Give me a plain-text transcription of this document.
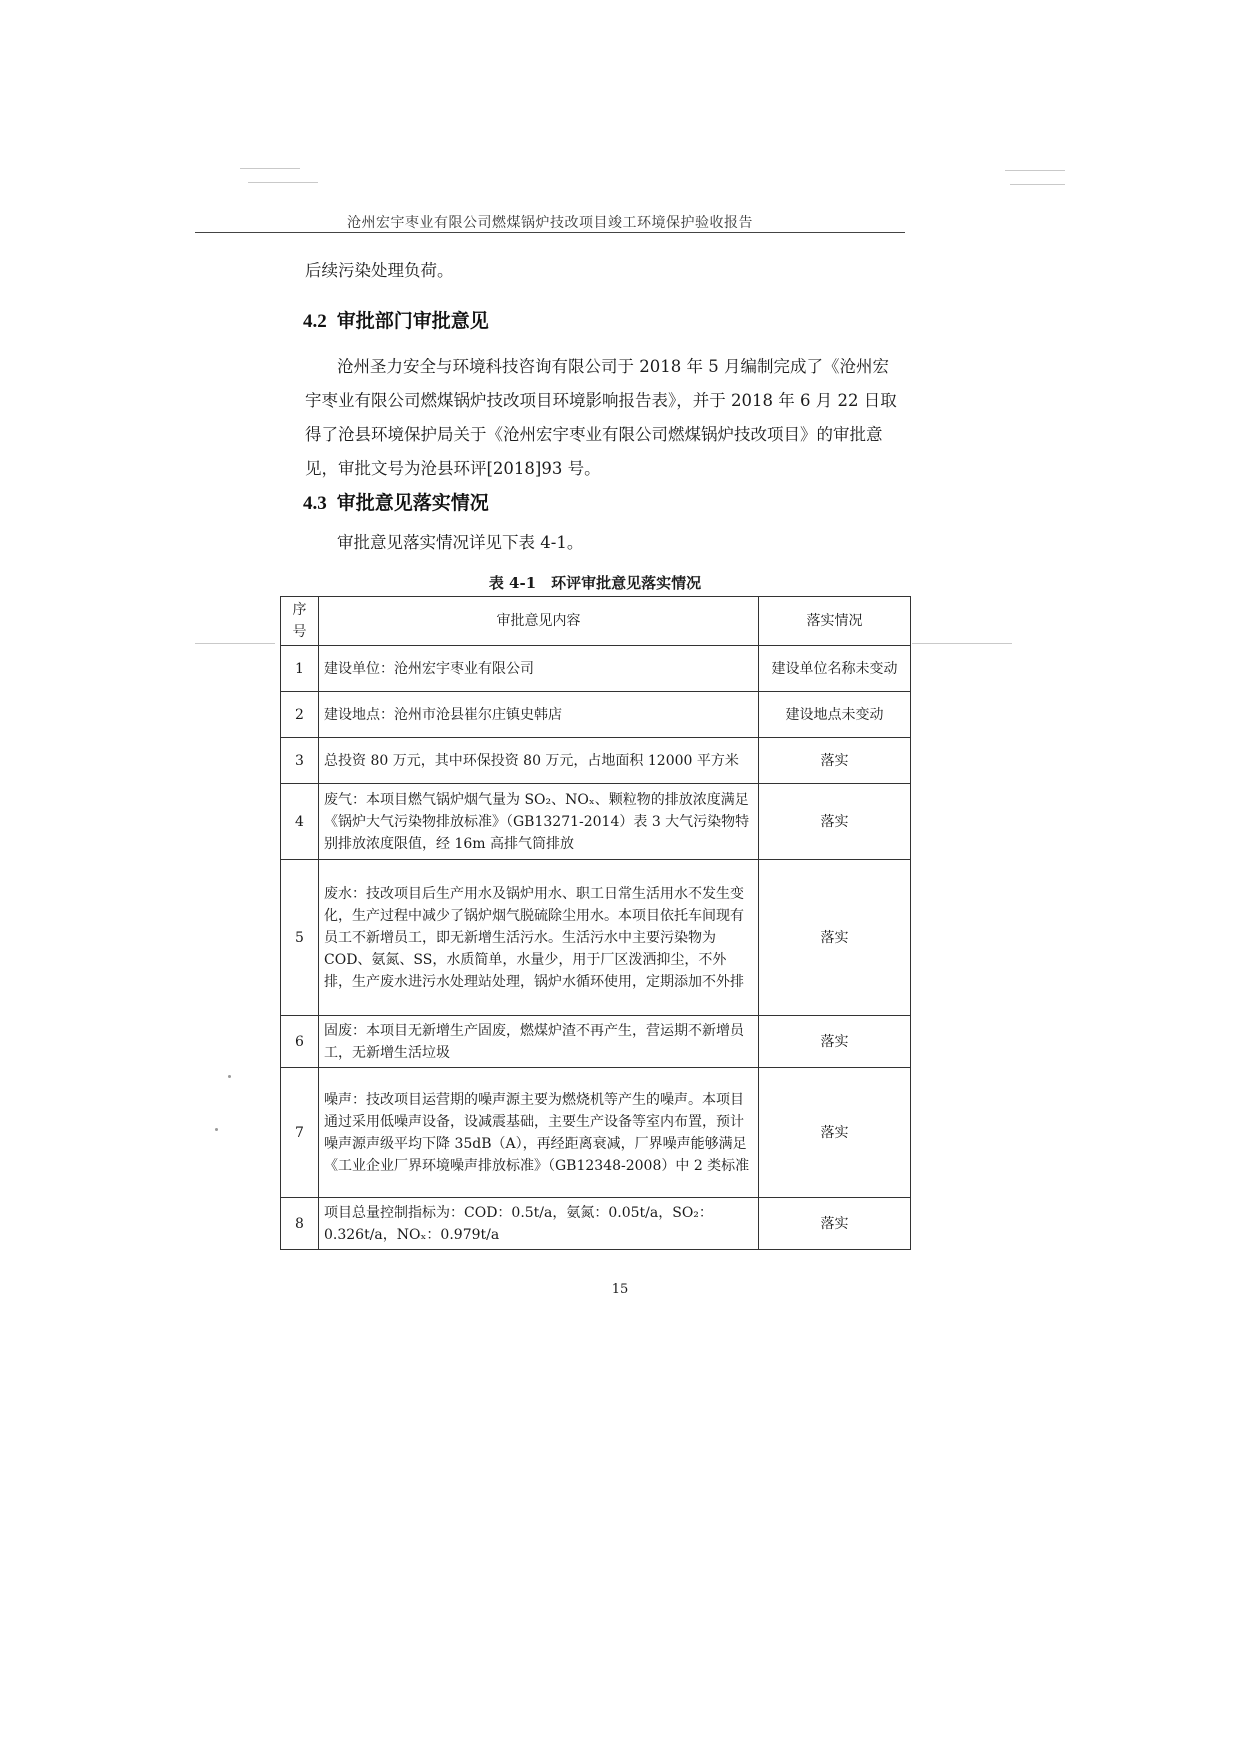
沧州宏宇枣业有限公司燃煤锅炉技改项目竣工环境保护验收报告
后续污染处理负荷。
4.2 审批部门审批意见
沧州圣力安全与环境科技咨询有限公司于 2018 年 5 月编制完成了《沧州宏
宇枣业有限公司燃煤锅炉技改项目环境影响报告表》，并于 2018 年 6 月 22 日取
得了沧县环境保护局关于《沧州宏宇枣业有限公司燃煤锅炉技改项目》的审批意
见，审批文号为沧县环评[2018]93 号。
4.3 审批意见落实情况
审批意见落实情况详见下表 4-1。
表 4-1　环评审批意见落实情况
序号	审批意见内容	落实情况
1	建设单位：沧州宏宇枣业有限公司	建设单位名称未变动
2	建设地点：沧州市沧县崔尔庄镇史韩店	建设地点未变动
3	总投资 80 万元，其中环保投资 80 万元，占地面积 12000 平方米	落实
4	废气：本项目燃气锅炉烟气量为 SO₂、NOₓ、颗粒物的排放浓度满足《锅炉大气污染物排放标准》（GB13271-2014）表 3 大气污染物特别排放浓度限值，经 16m 高排气筒排放	落实
5	废水：技改项目后生产用水及锅炉用水、职工日常生活用水不发生变化，生产过程中减少了锅炉烟气脱硫除尘用水。本项目依托车间现有员工不新增员工，即无新增生活污水。生活污水中主要污染物为 COD、氨氮、SS，水质简单，水量少，用于厂区泼洒抑尘，不外排，生产废水进污水处理站处理，锅炉水循环使用，定期添加不外排	落实
6	固废：本项目无新增生产固废，燃煤炉渣不再产生，营运期不新增员工，无新增生活垃圾	落实
7	噪声：技改项目运营期的噪声源主要为燃烧机等产生的噪声。本项目通过采用低噪声设备，设减震基础，主要生产设备等室内布置，预计噪声源声级平均下降 35dB（A），再经距离衰减，厂界噪声能够满足《工业企业厂界环境噪声排放标准》（GB12348-2008）中 2 类标准	落实
8	项目总量控制指标为：COD：0.5t/a，氨氮：0.05t/a，SO₂：0.326t/a，NOₓ：0.979t/a	落实
15
